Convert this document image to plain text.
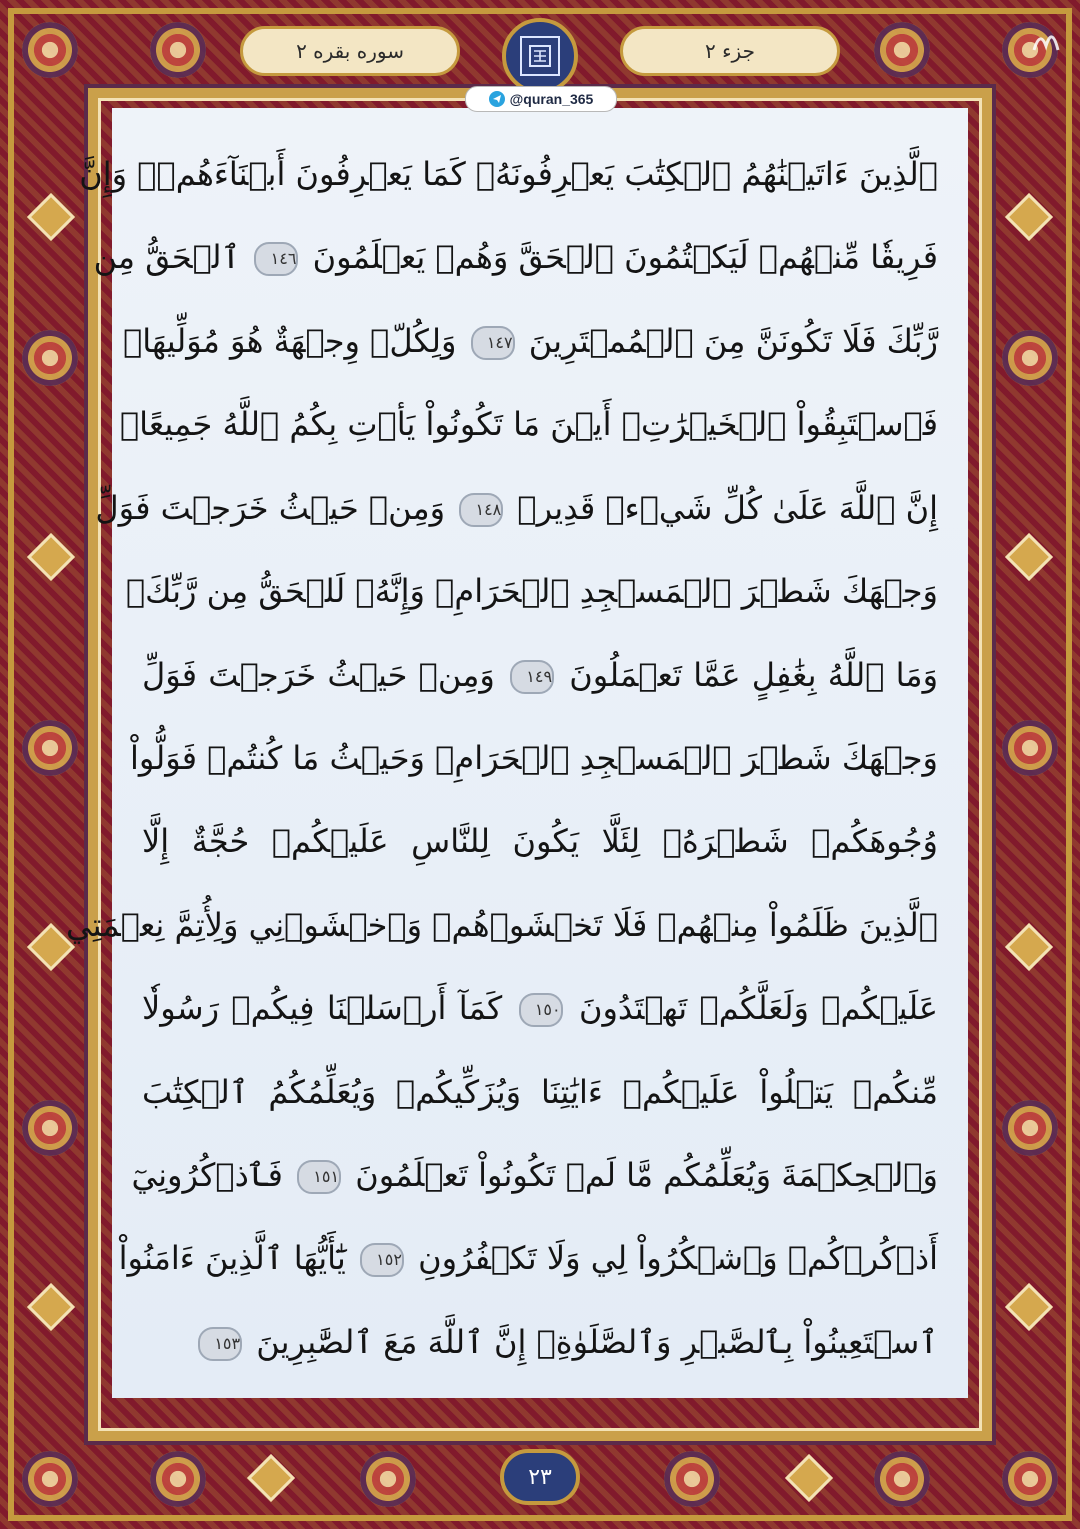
سوره بقره ۲	جزء ۲
@quran_365
ٱلَّذِينَ ءَاتَيۡنَٰهُمُ ٱلۡكِتَٰبَ يَعۡرِفُونَهُۥ كَمَا يَعۡرِفُونَ أَبۡنَآءَهُمۡۖ وَإِنَّ
فَرِيقٗا مِّنۡهُمۡ لَيَكۡتُمُونَ ٱلۡحَقَّ وَهُمۡ يَعۡلَمُونَ ١٤٦ ٱلۡحَقُّ مِن
رَّبِّكَ فَلَا تَكُونَنَّ مِنَ ٱلۡمُمۡتَرِينَ ١٤٧ وَلِكُلّٖ وِجۡهَةٌ هُوَ مُوَلِّيهَاۖ
فَٱسۡتَبِقُواْ ٱلۡخَيۡرَٰتِۚ أَيۡنَ مَا تَكُونُواْ يَأۡتِ بِكُمُ ٱللَّهُ جَمِيعًاۚ
إِنَّ ٱللَّهَ عَلَىٰ كُلِّ شَيۡءٖ قَدِيرٞ ١٤٨ وَمِنۡ حَيۡثُ خَرَجۡتَ فَوَلِّ
وَجۡهَكَ شَطۡرَ ٱلۡمَسۡجِدِ ٱلۡحَرَامِۖ وَإِنَّهُۥ لَلۡحَقُّ مِن رَّبِّكَۗ
وَمَا ٱللَّهُ بِغَٰفِلٍ عَمَّا تَعۡمَلُونَ ١٤٩ وَمِنۡ حَيۡثُ خَرَجۡتَ فَوَلِّ
وَجۡهَكَ شَطۡرَ ٱلۡمَسۡجِدِ ٱلۡحَرَامِۚ وَحَيۡثُ مَا كُنتُمۡ فَوَلُّواْ
وُجُوهَكُمۡ شَطۡرَهُۥ لِئَلَّا يَكُونَ لِلنَّاسِ عَلَيۡكُمۡ حُجَّةٌ إِلَّا
ٱلَّذِينَ ظَلَمُواْ مِنۡهُمۡ فَلَا تَخۡشَوۡهُمۡ وَٱخۡشَوۡنِي وَلِأُتِمَّ نِعۡمَتِي
عَلَيۡكُمۡ وَلَعَلَّكُمۡ تَهۡتَدُونَ ١٥٠ كَمَآ أَرۡسَلۡنَا فِيكُمۡ رَسُولٗا
مِّنكُمۡ يَتۡلُواْ عَلَيۡكُمۡ ءَايَٰتِنَا وَيُزَكِّيكُمۡ وَيُعَلِّمُكُمُ ٱلۡكِتَٰبَ
وَٱلۡحِكۡمَةَ وَيُعَلِّمُكُم مَّا لَمۡ تَكُونُواْ تَعۡلَمُونَ ١٥١ فَٱذۡكُرُونِيٓ
أَذۡكُرۡكُمۡ وَٱشۡكُرُواْ لِي وَلَا تَكۡفُرُونِ ١٥٢ يَٰٓأَيُّهَا ٱلَّذِينَ ءَامَنُواْ
ٱسۡتَعِينُواْ بِٱلصَّبۡرِ وَٱلصَّلَوٰةِۚ إِنَّ ٱللَّهَ مَعَ ٱلصَّٰبِرِينَ ١٥٣
۲۳
